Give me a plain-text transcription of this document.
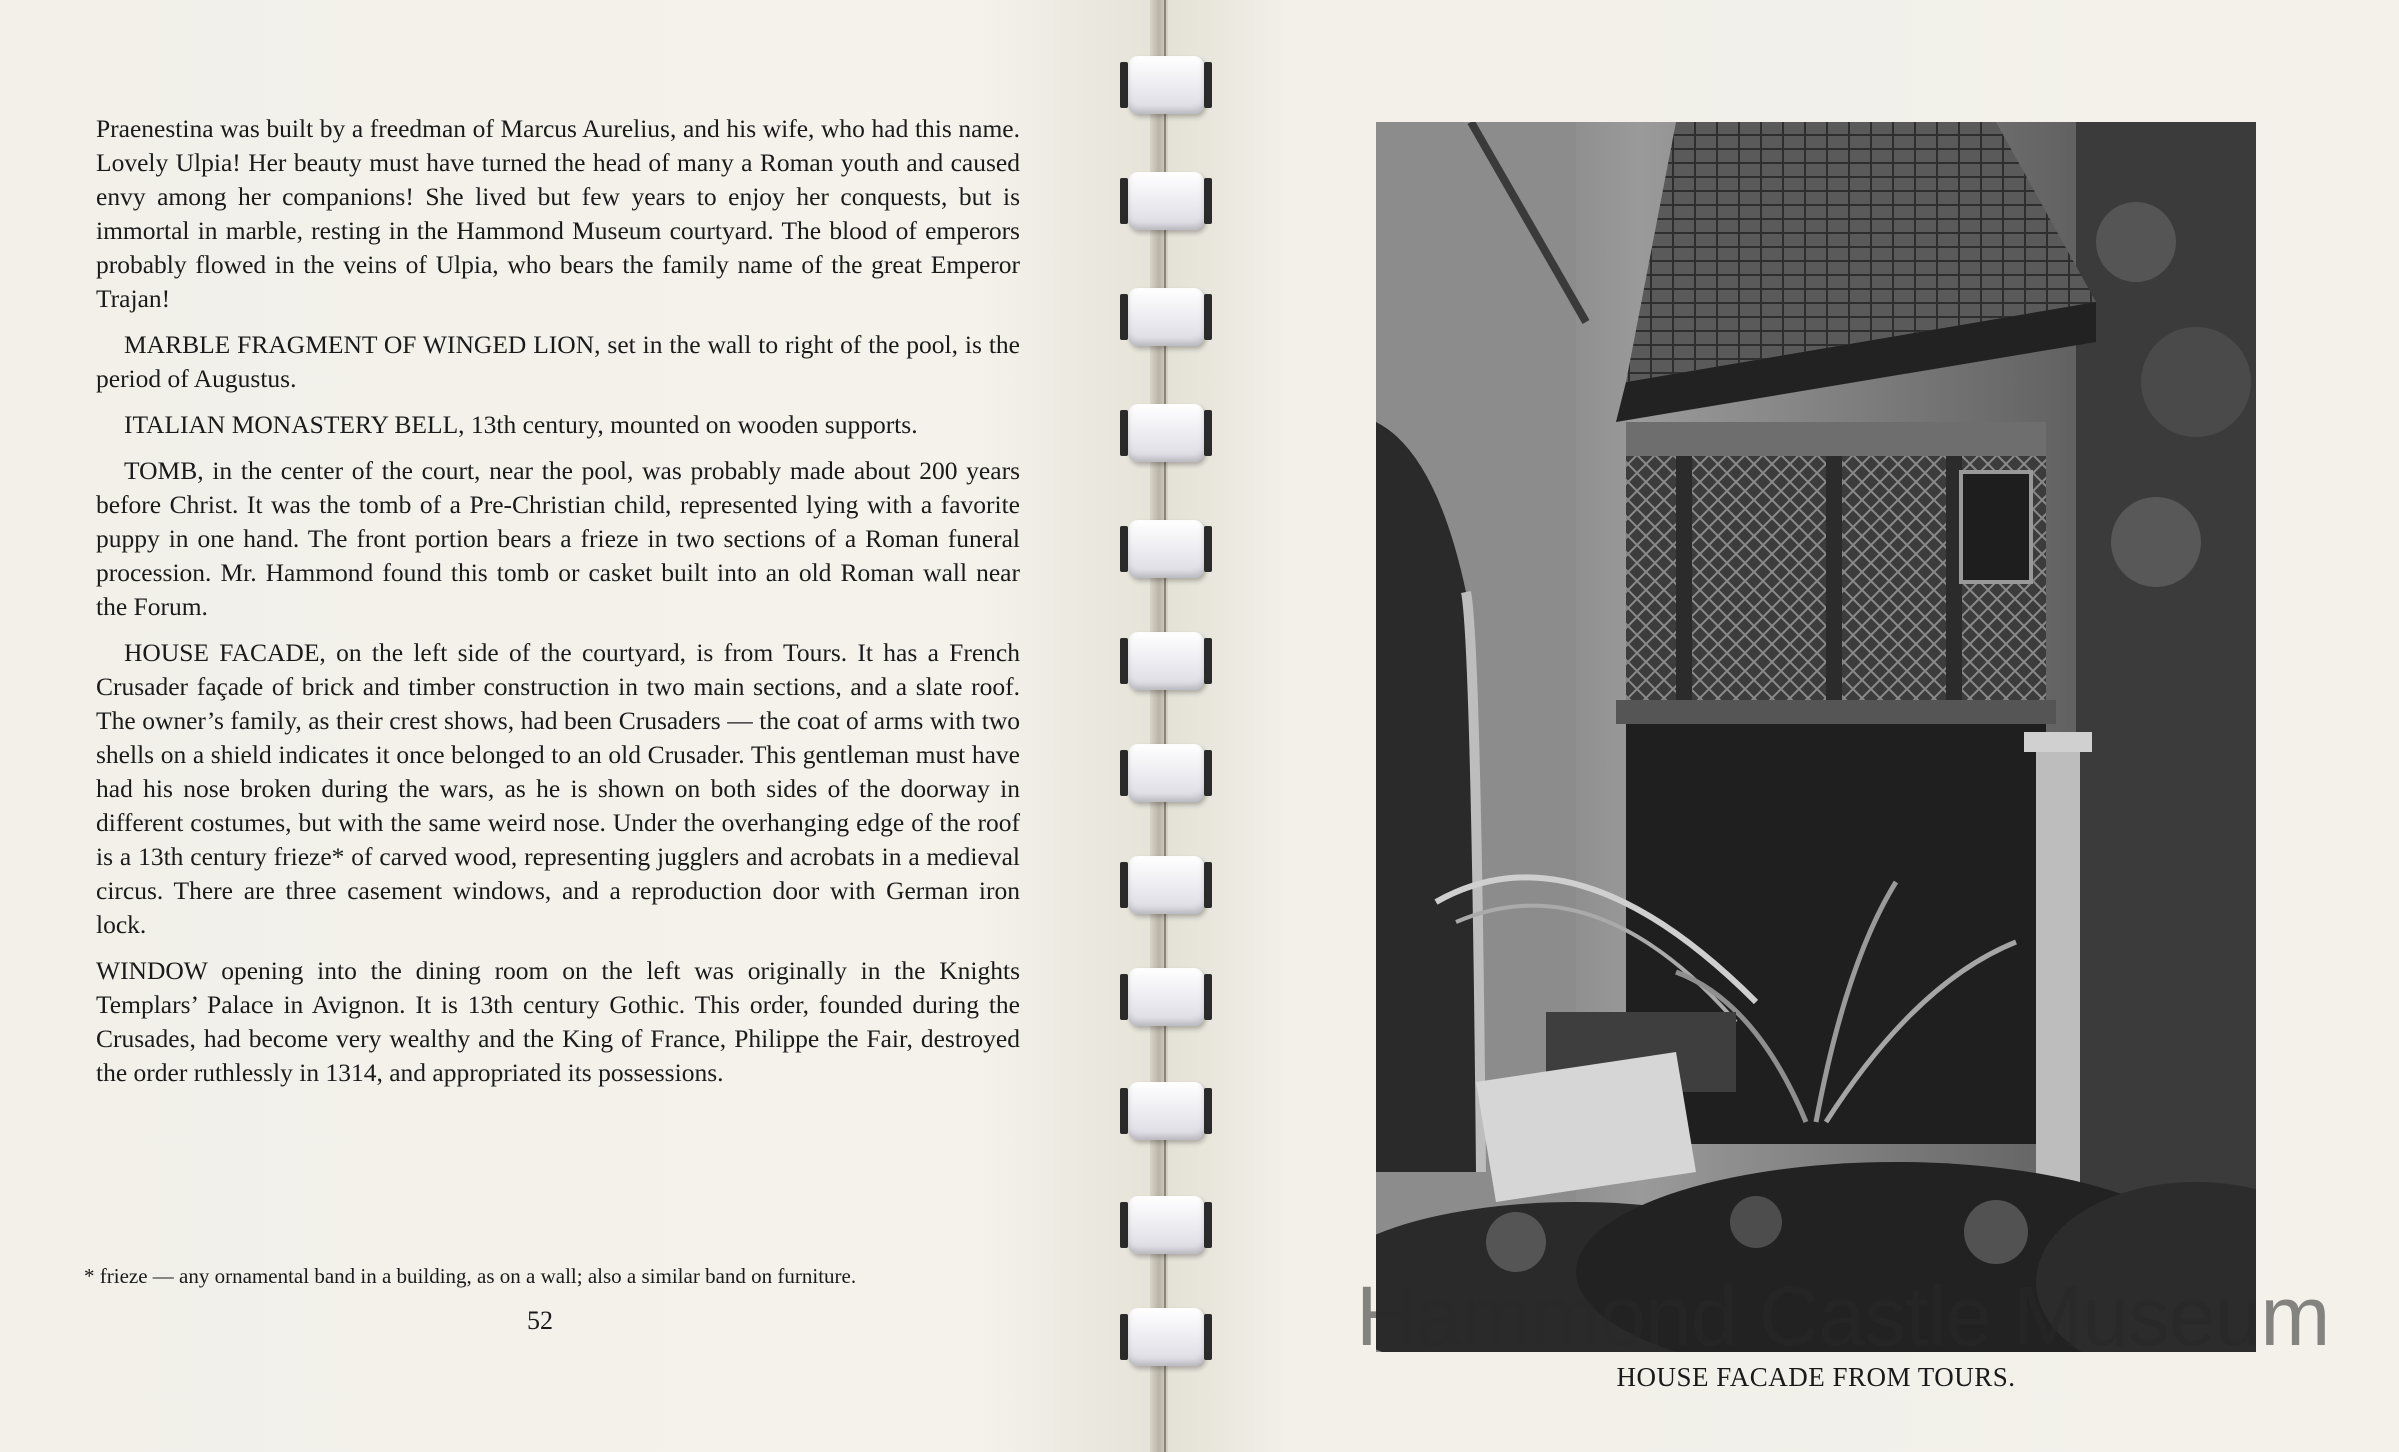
Praenestina was built by a freedman of Marcus Aurelius, and his wife, who had this name. Lovely Ulpia! Her beauty must have turned the head of many a Roman youth and caused envy among her companions! She lived but few years to enjoy her conquests, but is immortal in marble, resting in the Hammond Museum courtyard. The blood of emperors probably flowed in the veins of Ulpia, who bears the family name of the great Emperor Trajan!

MARBLE FRAGMENT OF WINGED LION, set in the wall to right of the pool, is the period of Augustus.

ITALIAN MONASTERY BELL, 13th century, mounted on wooden supports.

TOMB, in the center of the court, near the pool, was probably made about 200 years before Christ. It was the tomb of a Pre-Christian child, represented lying with a favorite puppy in one hand. The front portion bears a frieze in two sections of a Roman funeral procession. Mr. Hammond found this tomb or casket built into an old Roman wall near the Forum.

HOUSE FACADE, on the left side of the courtyard, is from Tours. It has a French Crusader façade of brick and timber construction in two main sections, and a slate roof. The owner’s family, as their crest shows, had been Crusaders — the coat of arms with two shells on a shield indicates it once belonged to an old Crusader. This gentleman must have had his nose broken during the wars, as he is shown on both sides of the doorway in different costumes, but with the same weird nose. Under the overhanging edge of the roof is a 13th century frieze* of carved wood, representing jugglers and acrobats in a medieval circus. There are three casement windows, and a reproduction door with German iron lock.

WINDOW opening into the dining room on the left was originally in the Knights Templars’ Palace in Avignon. It is 13th century Gothic. This order, founded during the Crusades, had become very wealthy and the King of France, Philippe the Fair, destroyed the order ruthlessly in 1314, and appropriated its possessions.

* frieze — any ornamental band in a building, as on a wall; also a similar band on furniture.
52	Hammond Castle Museum
HOUSE FACADE FROM TOURS.
